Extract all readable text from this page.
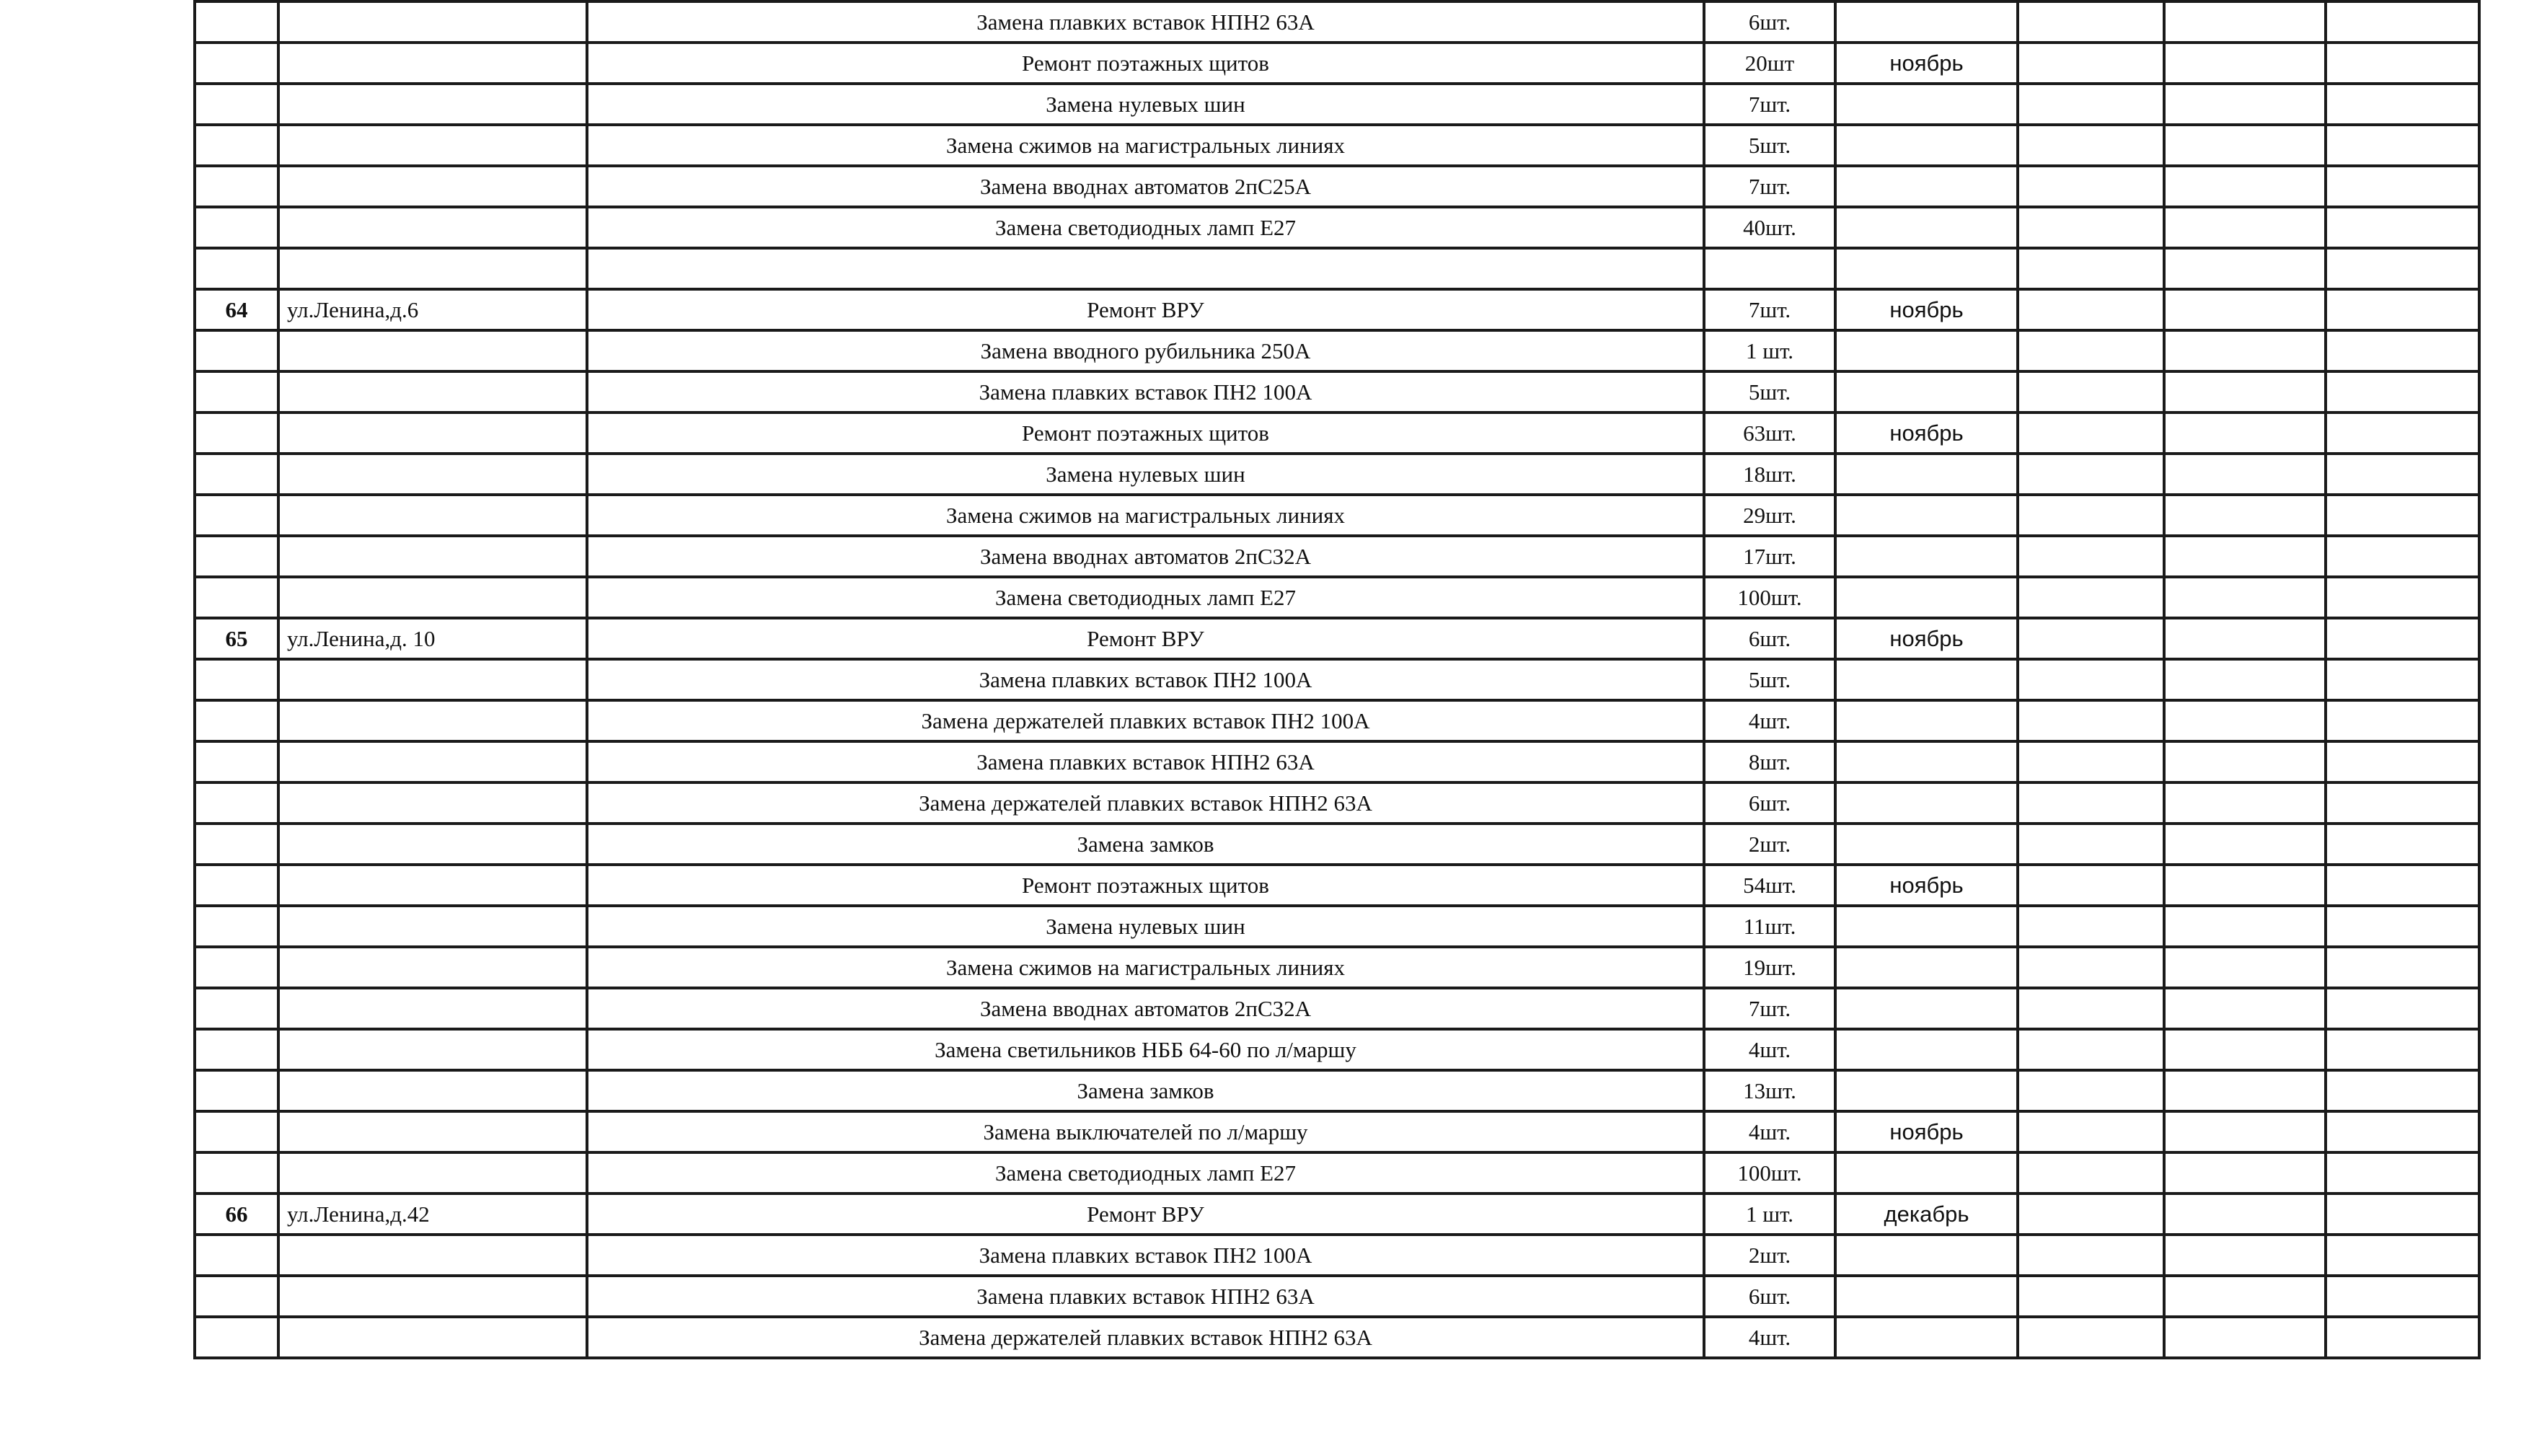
		Замена плавких вставок НПН2 63А	6шт.				
		Ремонт поэтажных щитов	20шт	ноябрь			
		Замена нулевых шин	7шт.				
		Замена сжимов на магистральных линиях	5шт.				
		Замена вводнах автоматов 2пС25А	7шт.				
		Замена светодиодных ламп Е27	40шт.				

64	ул.Ленина,д.6	Ремонт ВРУ	7шт.	ноябрь			
		Замена вводного рубильника 250А	1 шт.				
		Замена плавких вставок ПН2 100А	5шт.				
		Ремонт поэтажных щитов	63шт.	ноябрь			
		Замена нулевых шин	18шт.				
		Замена сжимов на магистральных линиях	29шт.				
		Замена вводнах автоматов 2пС32А	17шт.				
		Замена светодиодных ламп Е27	100шт.				
65	ул.Ленина,д. 10	Ремонт ВРУ	6шт.	ноябрь			
		Замена плавких вставок ПН2 100А	5шт.				
		Замена держателей плавких вставок ПН2 100А	4шт.				
		Замена плавких вставок НПН2 63А	8шт.				
		Замена держателей плавких вставок НПН2 63А	6шт.				
		Замена замков	2шт.				
		Ремонт поэтажных щитов	54шт.	ноябрь			
		Замена нулевых шин	11шт.				
		Замена сжимов на магистральных линиях	19шт.				
		Замена вводнах автоматов 2пС32А	7шт.				
		Замена светильников НББ 64-60 по л/маршу	4шт.				
		Замена замков	13шт.				
		Замена выключателей по л/маршу	4шт.	ноябрь			
		Замена светодиодных ламп Е27	100шт.				
66	ул.Ленина,д.42	Ремонт ВРУ	1 шт.	декабрь			
		Замена плавких вставок ПН2 100А	2шт.				
		Замена плавких вставок НПН2 63А	6шт.				
		Замена держателей плавких вставок НПН2 63А	4шт.				
